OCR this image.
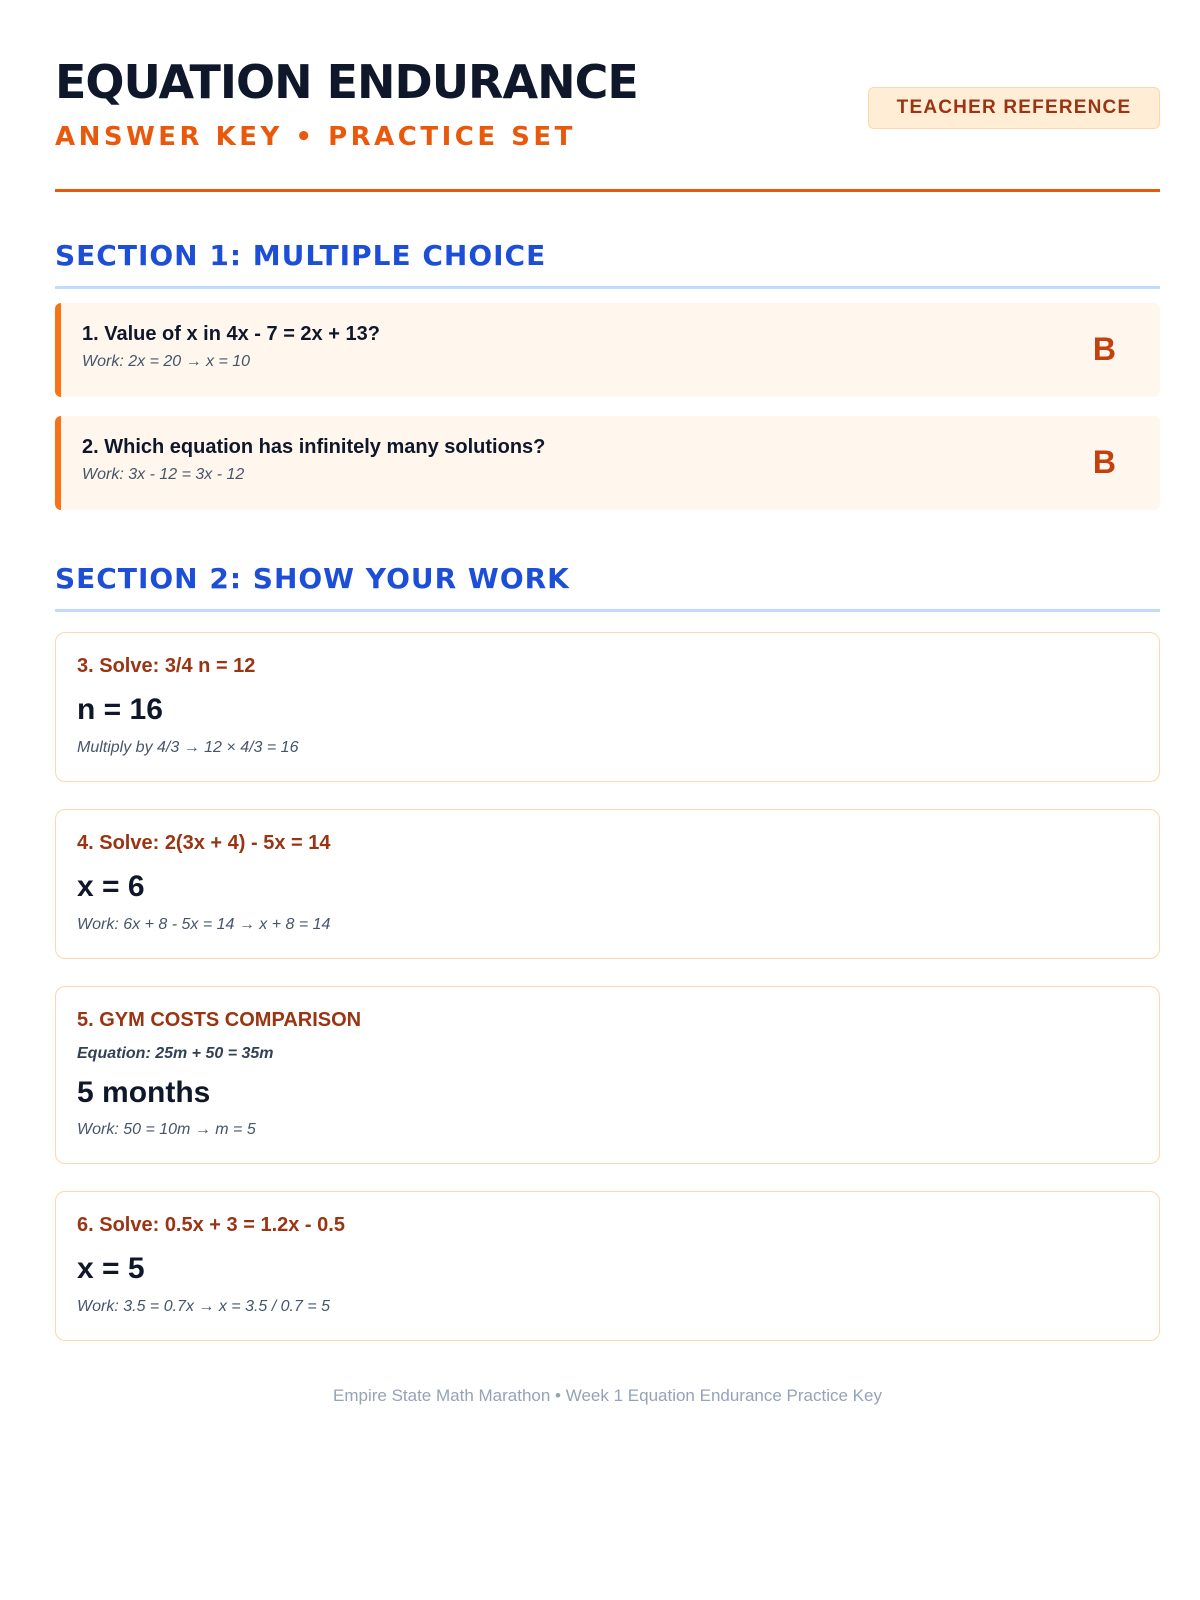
EQUATION ENDURANCE
ANSWER KEY • PRACTICE SET
TEACHER REFERENCE
SECTION 1: MULTIPLE CHOICE
1. Value of x in 4x - 7 = 2x + 13?
Work: 2x = 20 → x = 10	B
2. Which equation has infinitely many solutions?
Work: 3x - 12 = 3x - 12	B
SECTION 2: SHOW YOUR WORK
3. Solve: 3/4 n = 12
n = 16
Multiply by 4/3 → 12 × 4/3 = 16
4. Solve: 2(3x + 4) - 5x = 14
x = 6
Work: 6x + 8 - 5x = 14 → x + 8 = 14
5. GYM COSTS COMPARISON
Equation: 25m + 50 = 35m
5 months
Work: 50 = 10m → m = 5
6. Solve: 0.5x + 3 = 1.2x - 0.5
x = 5
Work: 3.5 = 0.7x → x = 3.5 / 0.7 = 5
Empire State Math Marathon • Week 1 Equation Endurance Practice Key
